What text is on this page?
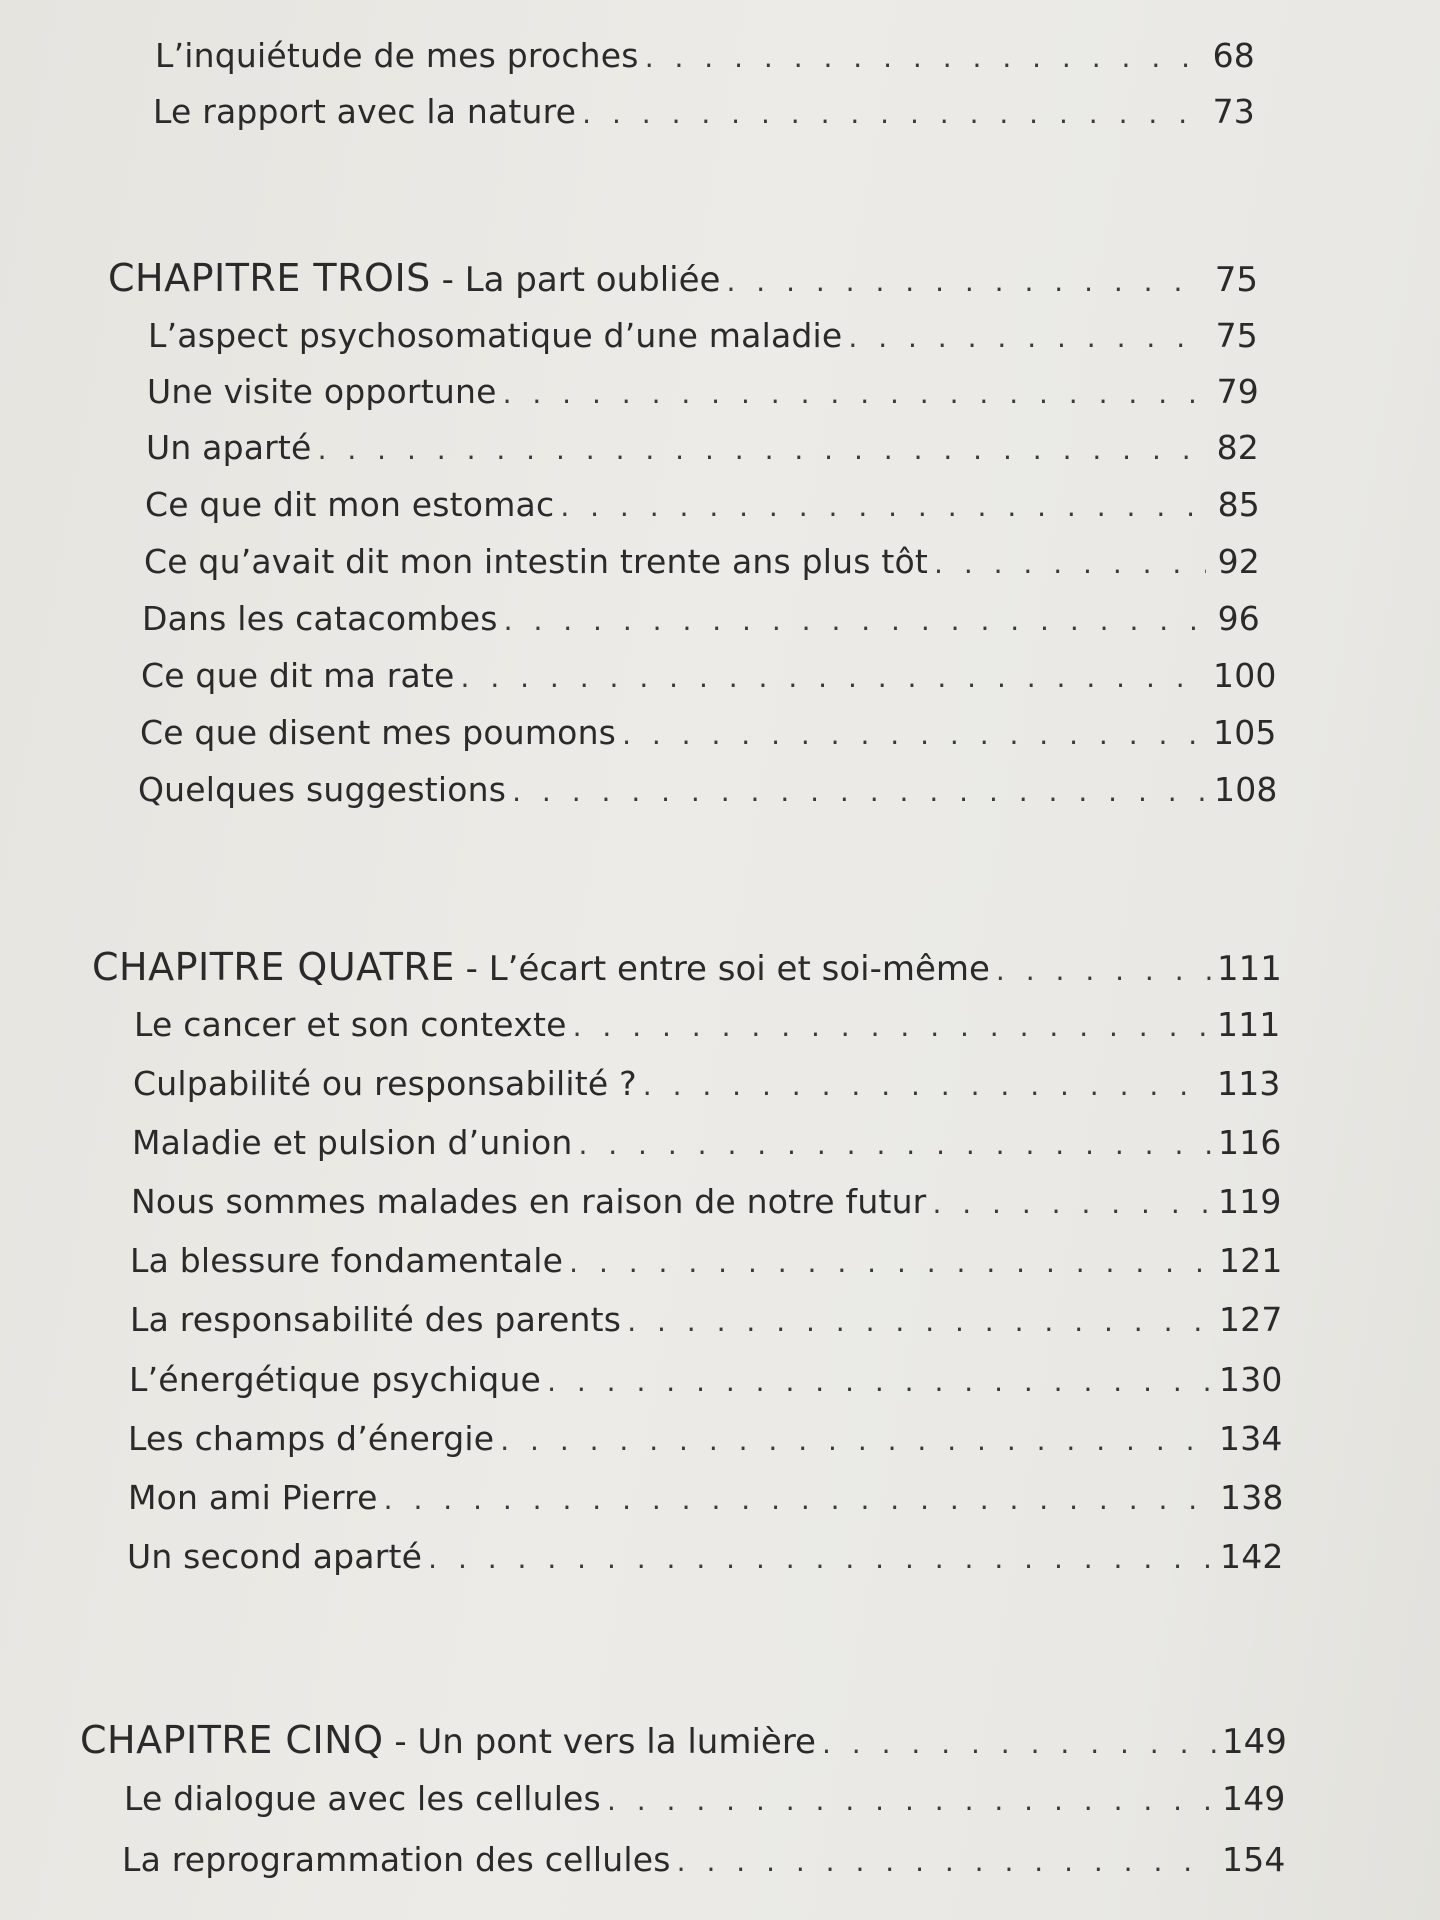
L’inquiétude de mes proches . . .	68
Le rapport avec la nature . . .	73
CHAPITRE TROIS - La part oubliée . . .	75
L’aspect psychosomatique d’une maladie . . .	75
Une visite opportune . . .	79
Un aparté . . .	82
Ce que dit mon estomac . . .	85
Ce qu’avait dit mon intestin trente ans plus tôt . . .	92
Dans les catacombes . . .	96
Ce que dit ma rate . . .	100
Ce que disent mes poumons . . .	105
Quelques suggestions . . .	108
CHAPITRE QUATRE - L’écart entre soi et soi-même . . .	111
Le cancer et son contexte . . .	111
Culpabilité ou responsabilité ? . . .	113
Maladie et pulsion d’union . . .	116
Nous sommes malades en raison de notre futur . . .	119
La blessure fondamentale . . .	121
La responsabilité des parents . . .	127
L’énergétique psychique . . .	130
Les champs d’énergie . . .	134
Mon ami Pierre . . .	138
Un second aparté . . .	142
CHAPITRE CINQ - Un pont vers la lumière . . .	149
Le dialogue avec les cellules . . .	149
La reprogrammation des cellules . . .	154
